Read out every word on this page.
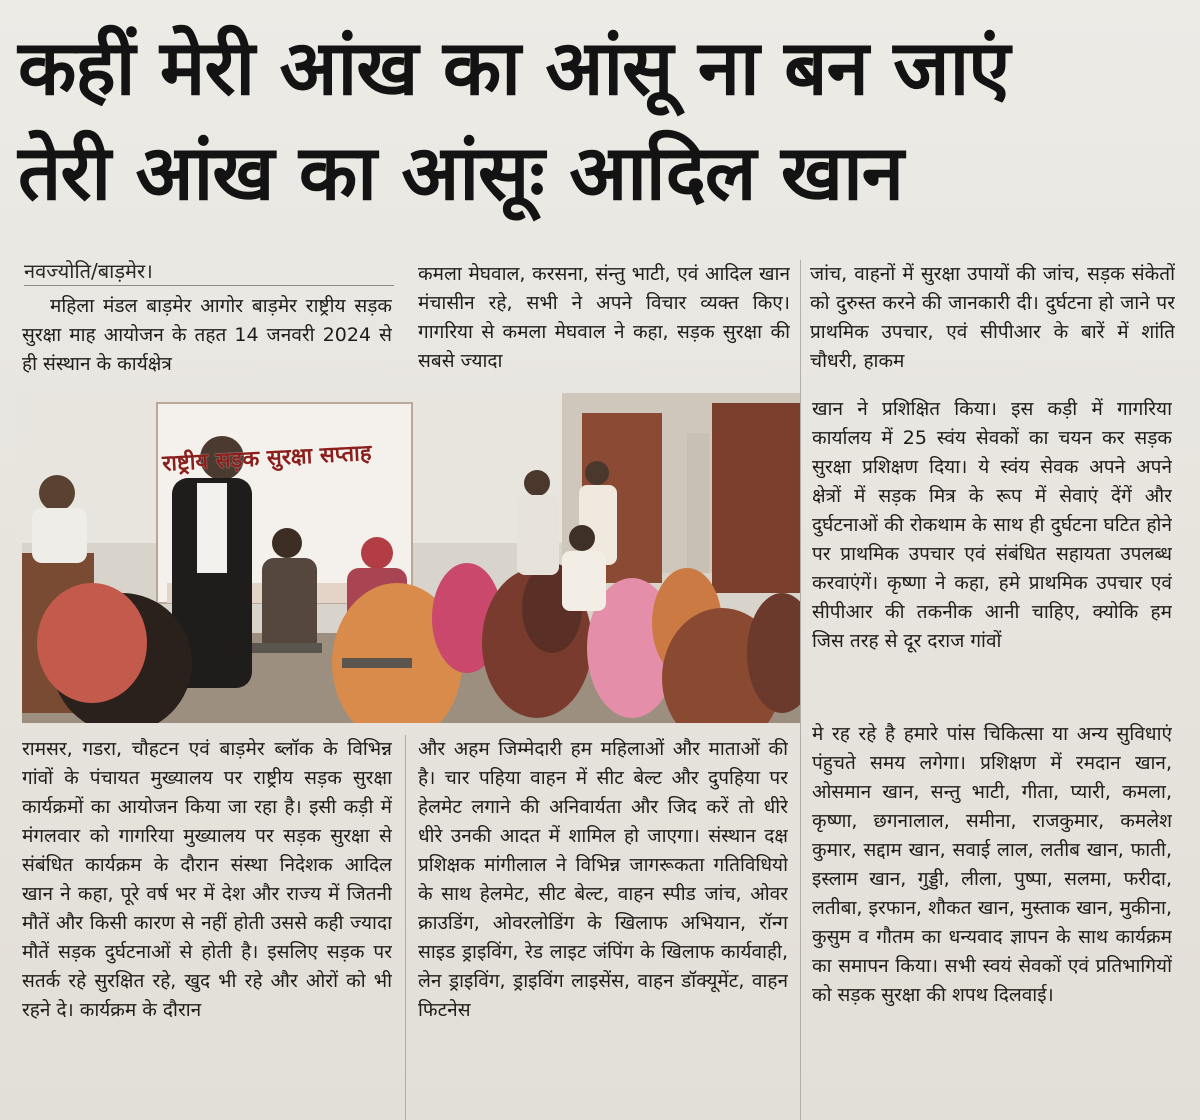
कहीं मेरी आंख का आंसू ना बन जाएं
तेरी आंख का आंसूः आदिल खान
नवज्योति/बाड़मेर।

महिला मंडल बाड़मेर आगोर बाड़मेर राष्ट्रीय सड़क सुरक्षा माह आयोजन के तहत 14 जनवरी 2024 से ही संस्थान के कार्यक्षेत्र

राष्ट्रीय सड़क सुरक्षा सप्ताह

रामसर, गडरा, चौहटन एवं बाड़मेर ब्लॉक के विभिन्न गांवों के पंचायत मुख्यालय पर राष्ट्रीय सड़क सुरक्षा कार्यक्रमों का आयोजन किया जा रहा है। इसी कड़ी में मंगलवार को गागरिया मुख्यालय पर सड़क सुरक्षा से संबंधित कार्यक्रम के दौरान संस्था निदेशक आदिल खान ने कहा, पूरे वर्ष भर में देश और राज्य में जितनी मौतें और किसी कारण से नहीं होती उससे कही ज्यादा मौतें सड़क दुर्घटनाओं से होती है। इसलिए सड़क पर सतर्क रहे सुरक्षित रहे, खुद भी रहे और ओरों को भी रहने दे। कार्यक्रम के दौरान

कमला मेघवाल, करसना, संन्तु भाटी, एवं आदिल खान मंचासीन रहे, सभी ने अपने विचार व्यक्त किए। गागरिया से कमला मेघवाल ने कहा, सड़क सुरक्षा की सबसे ज्यादा

और अहम जिम्मेदारी हम महिलाओं और माताओं की है। चार पहिया वाहन में सीट बेल्ट और दुपहिया पर हेलमेट लगाने की अनिवार्यता और जिद करें तो धीरे धीरे उनकी आदत में शामिल हो जाएगा। संस्थान दक्ष प्रशिक्षक मांगीलाल ने विभिन्न जागरूकता गतिविधियो के साथ हेलमेट, सीट बेल्ट, वाहन स्पीड जांच, ओवर क्राउडिंग, ओवरलोडिंग के खिलाफ अभियान, रॉन्ग साइड ड्राइविंग, रेड लाइट जंपिंग के खिलाफ कार्यवाही, लेन ड्राइविंग, ड्राइविंग लाइसेंस, वाहन डॉक्यूमेंट, वाहन फिटनेस

जांच, वाहनों में सुरक्षा उपायों की जांच, सड़क संकेतों को दुरुस्त करने की जानकारी दी। दुर्घटना हो जाने पर प्राथमिक उपचार, एवं सीपीआर के बारें में शांति चौधरी, हाकम

खान ने प्रशिक्षित किया। इस कड़ी में गागरिया कार्यालय में 25 स्वंय सेवकों का चयन कर सड़क सुरक्षा प्रशिक्षण दिया। ये स्वंय सेवक अपने अपने क्षेत्रों में सड़क मित्र के रूप में सेवाएं देंगें और दुर्घटनाओं की रोकथाम के साथ ही दुर्घटना घटित होने पर प्राथमिक उपचार एवं संबंधित सहायता उपलब्ध करवाएंगें। कृष्णा ने कहा, हमे प्राथमिक उपचार एवं सीपीआर की तकनीक आनी चाहिए, क्योकि हम जिस तरह से दूर दराज गांवों

मे रह रहे है हमारे पांस चिकित्सा या अन्य सुविधाएं पंहुचते समय लगेगा। प्रशिक्षण में रमदान खान, ओसमान खान, सन्तु भाटी, गीता, प्यारी, कमला, कृष्णा, छगनालाल, समीना, राजकुमार, कमलेश कुमार, सद्दाम खान, सवाई लाल, लतीब खान, फाती, इस्लाम खान, गुड्डी, लीला, पुष्पा, सलमा, फरीदा, लतीबा, इरफान, शौकत खान, मुस्ताक खान, मुकीना, कुसुम व गौतम का धन्यवाद ज्ञापन के साथ कार्यक्रम का समापन किया। सभी स्वयं सेवकों एवं प्रतिभागियों को सड़क सुरक्षा की शपथ दिलवाई।
